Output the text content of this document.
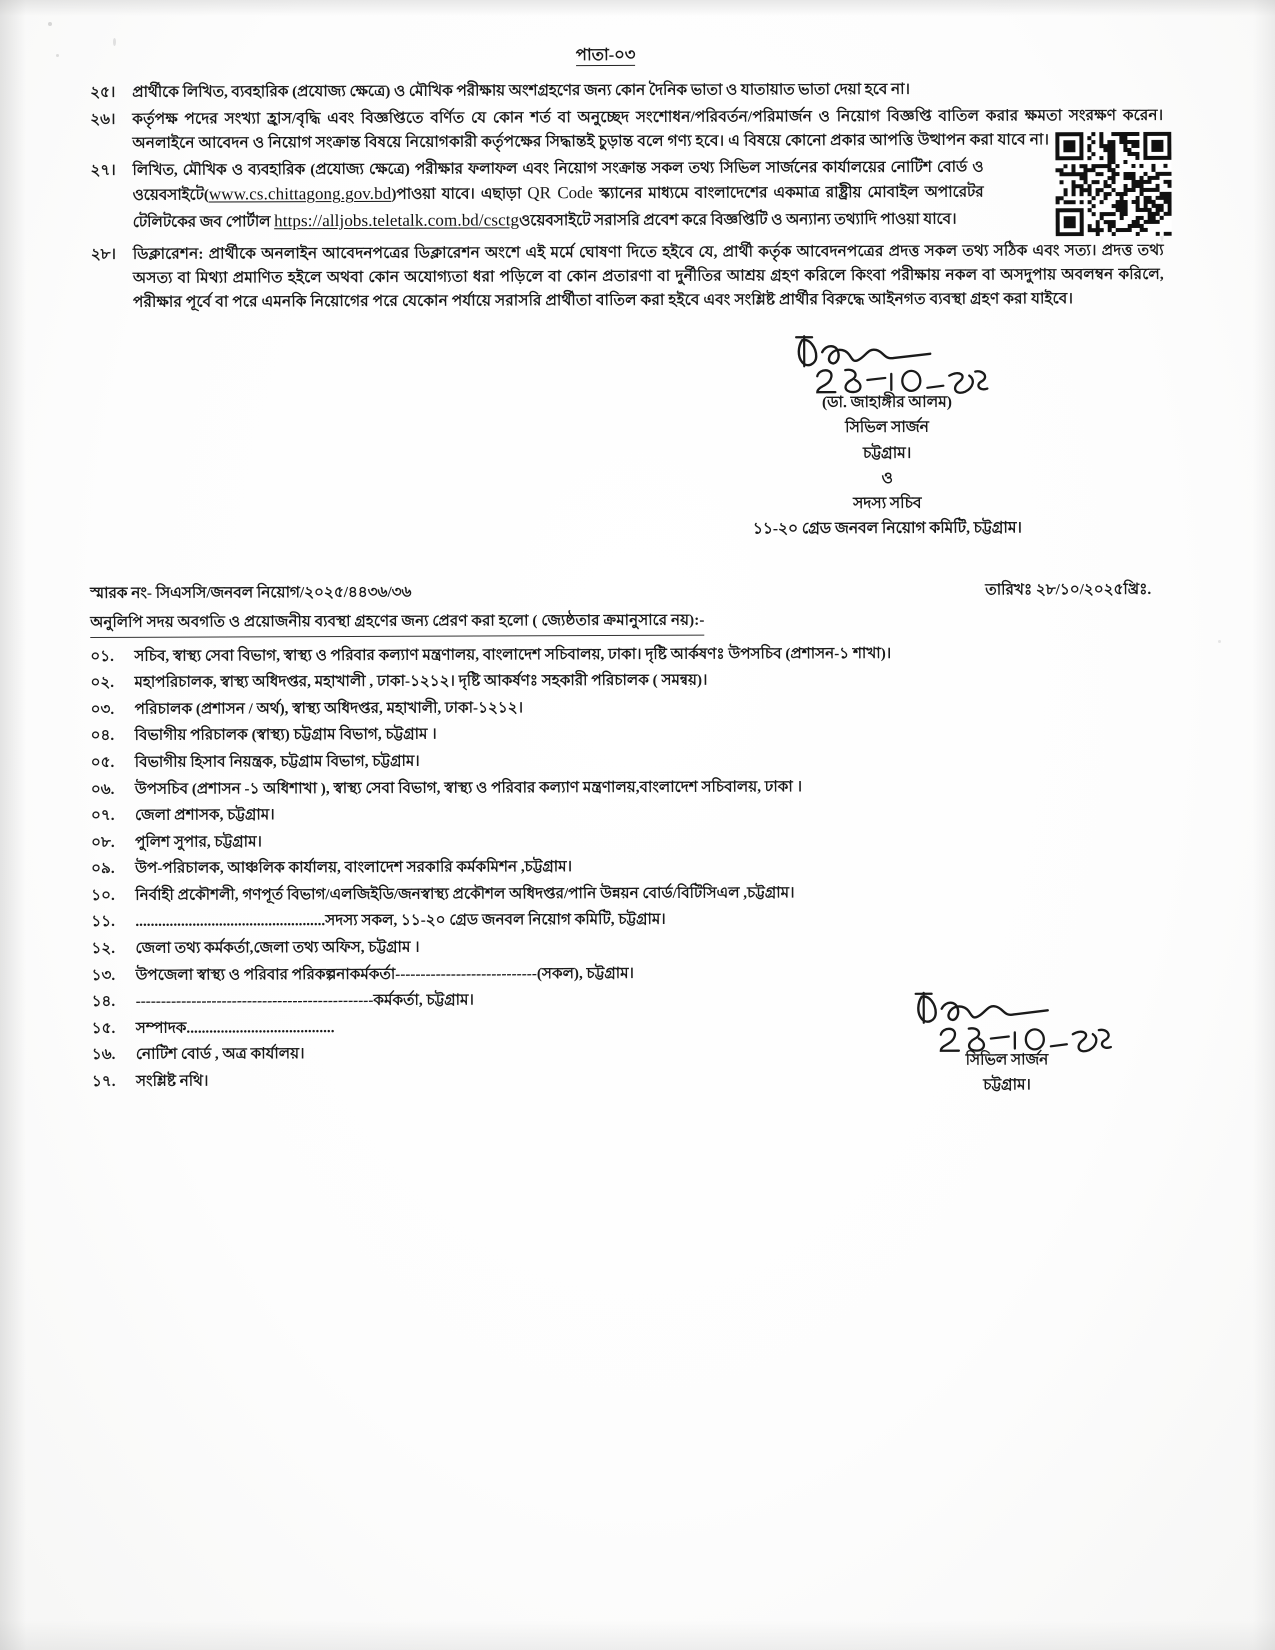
পাতা-০৩
২৫।	প্রার্থীকে লিখিত, ব্যবহারিক (প্রযোজ্য ক্ষেত্রে) ও মৌখিক পরীক্ষায় অংশগ্রহণের জন্য কোন দৈনিক ভাতা ও যাতায়াত ভাতা দেয়া হবে না।
২৬।	কর্তৃপক্ষ পদের সংখ্যা হ্রাস/বৃদ্ধি এবং বিজ্ঞপ্তিতে বর্ণিত যে কোন শর্ত বা অনুচ্ছেদ সংশোধন/পরিবর্তন/পরিমার্জন ও নিয়োগ বিজ্ঞপ্তি বাতিল করার ক্ষমতা সংরক্ষণ করেন। অনলাইনে আবেদন ও নিয়োগ সংক্রান্ত বিষয়ে নিয়োগকারী কর্তৃপক্ষের সিদ্ধান্তই চুড়ান্ত বলে গণ্য হবে। এ বিষয়ে কোনো প্রকার আপত্তি উত্থাপন করা যাবে না।
২৭।	লিখিত, মৌখিক ও ব্যবহারিক (প্রযোজ্য ক্ষেত্রে) পরীক্ষার ফলাফল এবং নিয়োগ সংক্রান্ত সকল তথ্য সিভিল সার্জনের কার্যালয়ের নোটিশ বোর্ড ও ওয়েবসাইটে(www.cs.chittagong.gov.bd)পাওয়া যাবে। এছাড়া QR Code স্ক্যানের মাধ্যমে বাংলাদেশের একমাত্র রাষ্ট্রীয় মোবাইল অপারেটর টেলিটকের জব পোর্টাল https://alljobs.teletalk.com.bd/csctgওয়েবসাইটে সরাসরি প্রবেশ করে বিজ্ঞপ্তিটি ও অন্যান্য তথ্যাদি পাওয়া যাবে।
২৮।	ডিক্লারেশন: প্রার্থীকে অনলাইন আবেদনপত্রের ডিক্লারেশন অংশে এই মর্মে ঘোষণা দিতে হইবে যে, প্রার্থী কর্তৃক আবেদনপত্রের প্রদত্ত সকল তথ্য সঠিক এবং সত্য। প্রদত্ত তথ্য অসত্য বা মিথ্যা প্রমাণিত হইলে অথবা কোন অযোগ্যতা ধরা পড়িলে বা কোন প্রতারণা বা দুর্নীতির আশ্রয় গ্রহণ করিলে কিংবা পরীক্ষায় নকল বা অসদুপায় অবলম্বন করিলে, পরীক্ষার পূর্বে বা পরে এমনকি নিয়োগের পরে যেকোন পর্যায়ে সরাসরি প্রার্থীতা বাতিল করা হইবে এবং সংশ্লিষ্ট প্রার্থীর বিরুদ্ধে আইনগত ব্যবস্থা গ্রহণ করা যাইবে।
(ডা. জাহাঙ্গীর আলম)
সিভিল সার্জন
চট্টগ্রাম।
ও
সদস্য সচিব
১১-২০ গ্রেড জনবল নিয়োগ কমিটি, চট্টগ্রাম।
স্মারক নং- সিএসসি/জনবল নিয়োগ/২০২৫/৪৪৩৬/৩৬	তারিখঃ ২৮/১০/২০২৫খ্রিঃ.
অনুলিপি সদয় অবগতি ও প্রয়োজনীয় ব্যবস্থা গ্রহণের জন্য প্রেরণ করা হলো ( জ্যেষ্ঠতার ক্রমানুসারে নয়):-
০১.	সচিব, স্বাস্থ্য সেবা বিভাগ, স্বাস্থ্য ও পরিবার কল্যাণ মন্ত্রণালয়, বাংলাদেশ সচিবালয়, ঢাকা। দৃষ্টি আর্কষণঃ উপসচিব (প্রশাসন-১ শাখা)।
০২.	মহাপরিচালক, স্বাস্থ্য অধিদপ্তর, মহাখালী , ঢাকা-১২১২। দৃষ্টি আকর্ষণঃ সহকারী পরিচালক ( সমন্বয়)।
০৩.	পরিচালক (প্রশাসন / অর্থ), স্বাস্থ্য অধিদপ্তর, মহাখালী, ঢাকা-১২১২।
০৪.	বিভাগীয় পরিচালক (স্বাস্থ্য) চট্টগ্রাম বিভাগ, চট্টগ্রাম ।
০৫.	বিভাগীয় হিসাব নিয়ন্ত্রক, চট্টগ্রাম বিভাগ, চট্টগ্রাম।
০৬.	উপসচিব (প্রশাসন -১ অধিশাখা ), স্বাস্থ্য সেবা বিভাগ, স্বাস্থ্য ও পরিবার কল্যাণ মন্ত্রণালয়,বাংলাদেশ সচিবালয়, ঢাকা ।
০৭.	জেলা প্রশাসক, চট্টগ্রাম।
০৮.	পুলিশ সুপার, চট্টগ্রাম।
০৯.	উপ-পরিচালক, আঞ্চলিক কার্যালয়, বাংলাদেশ সরকারি কর্মকমিশন ,চট্টগ্রাম।
১০.	নির্বাহী প্রকৌশলী, গণপূর্ত বিভাগ/এলজিইডি/জনস্বাস্থ্য প্রকৌশল অধিদপ্তর/পানি উন্নয়ন বোর্ড/বিটিসিএল ,চট্টগ্রাম।
১১.	..................................................সদস্য সকল, ১১-২০ গ্রেড জনবল নিয়োগ কমিটি, চট্টগ্রাম।
১২.	জেলা তথ্য কর্মকর্তা,জেলা তথ্য অফিস, চট্টগ্রাম ।
১৩.	উপজেলা স্বাস্থ্য ও পরিবার পরিকল্পনাকর্মকর্তা----------------------------(সকল), চট্টগ্রাম।
১৪.	-----------------------------------------------কর্মকর্তা, চট্টগ্রাম।
১৫.	সম্পাদক.......................................
১৬.	নোটিশ বোর্ড , অত্র কার্যালয়।
১৭.	সংশ্লিষ্ট নথি।
সিভিল সার্জন
চট্টগ্রাম।
